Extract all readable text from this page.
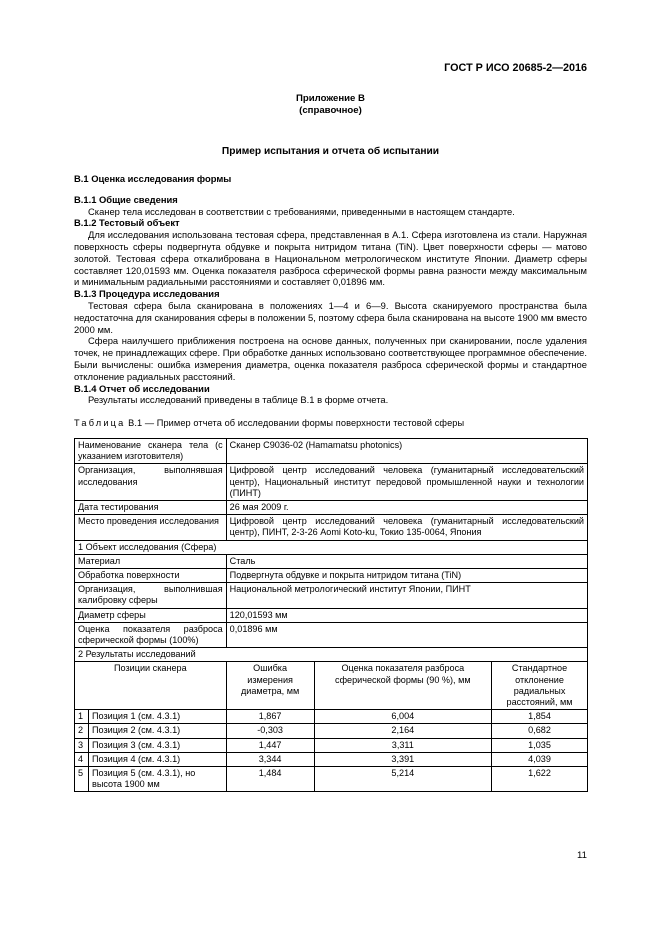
ГОСТ Р ИСО 20685-2—2016
Приложение В
(справочное)
Пример испытания и отчета об испытании
В.1 Оценка исследования формы
В.1.1 Общие сведения

Сканер тела исследован в соответствии с требованиями, приведенными в настоящем стандарте.

В.1.2 Тестовый объект

Для исследования использована тестовая сфера, представленная в А.1. Сфера изготовлена из стали. Наружная поверхность сферы подвергнута обдувке и покрыта нитридом титана (TiN). Цвет поверхности сферы — матово золотой. Тестовая сфера откалибрована в Национальном метрологическом институте Японии. Диаметр сферы составляет 120,01593 мм. Оценка показателя разброса сферической формы равна разности между максимальным и минимальным радиальными расстояниями и составляет 0,01896 мм.

В.1.3 Процедура исследования

Тестовая сфера была сканирована в положениях 1—4 и 6—9. Высота сканируемого пространства была недостаточна для сканирования сферы в положении 5, поэтому сфера была сканирована на высоте 1900 мм вместо 2000 мм.

Сфера наилучшего приближения построена на основе данных, полученных при сканировании, после удаления точек, не принадлежащих сфере. При обработке данных использовано соответствующее программное обеспечение. Были вычислены: ошибка измерения диаметра, оценка показателя разброса сферической формы и стандартное отклонение радиальных расстояний.

В.1.4 Отчет об исследовании

Результаты исследований приведены в таблице В.1 в форме отчета.

Таблица В.1 — Пример отчета об исследовании формы поверхности тестовой сферы
Наименование сканера тела (с указанием изготовителя)		Сканер C9036-02 (Hamamatsu photonics)		
Организация, выполнявшая исследования		Цифровой центр исследований человека (гуманитарный исследовательский центр), Национальный институт передовой промышленной науки и технологии (ПИНТ)		
Дата тестирования		26 мая 2009 г.		
Место проведения исследования		Цифровой центр исследований человека (гуманитарный исследовательский центр), ПИНТ, 2-3-26 Aomi Koto-ku, Токио 135-0064, Япония		
1 Объект исследования (Сфера)				
Материал		Сталь		
Обработка поверхности		Подвергнута обдувке и покрыта нитридом титана (TiN)		
Организация, выполнившая калибровку сферы		Национальной метрологический институт Японии, ПИНТ		
Диаметр сферы		120,01593 мм		
Оценка показателя разброса сферической формы (100%)		0,01896 мм		
2 Результаты исследований				
Позиции сканера		Ошибка измерения диаметра, мм	Оценка показателя разброса сферической формы (90 %), мм	Стандартное отклонение радиальных расстояний, мм
1	Позиция 1 (см. 4.3.1)	1,867	6,004	1,854
2	Позиция 2 (см. 4.3.1)	-0,303	2,164	0,682
3	Позиция 3 (см. 4.3.1)	1,447	3,311	1,035
4	Позиция 4 (см. 4.3.1)	3,344	3,391	4,039
5	Позиция 5 (см. 4.3.1), но высота 1900 мм	1,484	5,214	1,622
11
